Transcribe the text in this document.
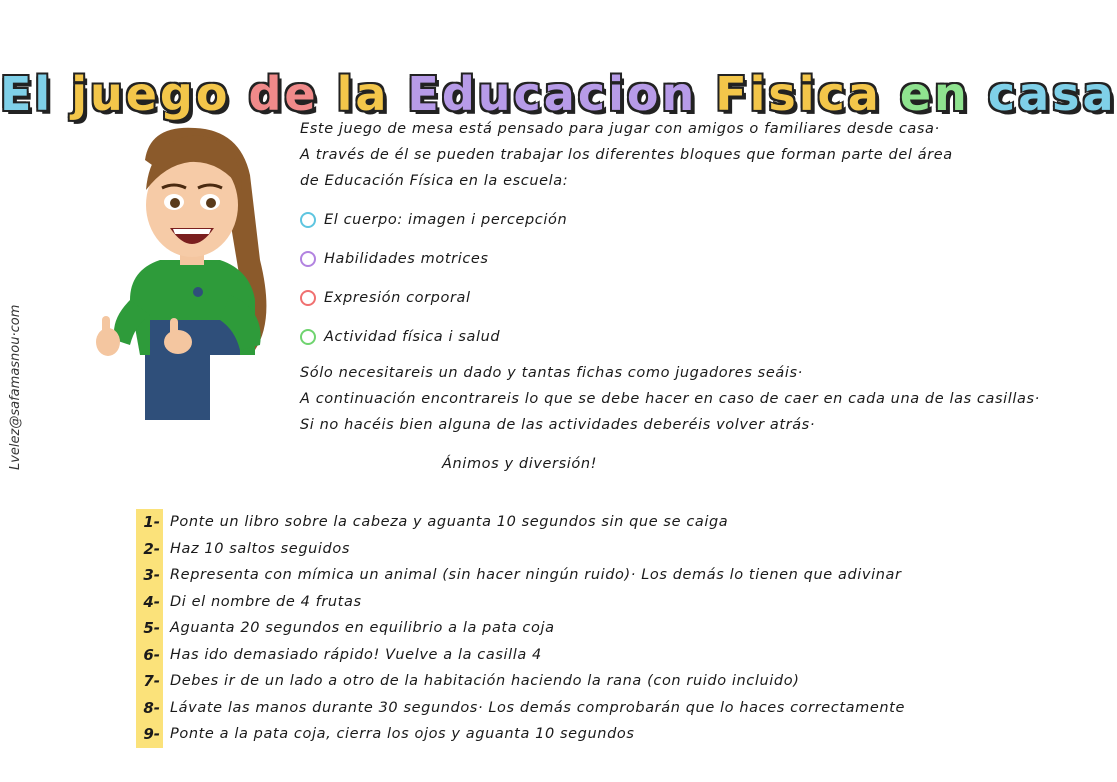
El juego de la Educacion Fisica en casa
Lvelez@safamasnou·com

Este juego de mesa está pensado para jugar con amigos o familiares desde casa·

A través de él se pueden trabajar los diferentes bloques que forman parte del área

de Educación Física en la escuela:

El cuerpo: imagen i percepción
Habilidades motrices
Expresión corporal
Actividad física i salud

Sólo necesitareis un dado y tantas fichas como jugadores seáis·

A continuación encontrareis lo que se debe hacer en caso de caer en cada una de las casillas·

Si no hacéis bien alguna de las actividades deberéis volver atrás·

Ánimos y diversión!
1- Ponte un libro sobre la cabeza y aguanta 10 segundos sin que se caiga
2- Haz 10 saltos seguidos
3- Representa con mímica un animal (sin hacer ningún ruido)· Los demás lo tienen que adivinar
4- Di el nombre de 4 frutas
5- Aguanta 20 segundos en equilibrio a la pata coja
6- Has ido demasiado rápido! Vuelve a la casilla 4
7- Debes ir de un lado a otro de la habitación haciendo la rana (con ruido incluido)
8- Lávate las manos durante 30 segundos· Los demás comprobarán que lo haces correctamente
9- Ponte a la pata coja, cierra los ojos y aguanta 10 segundos
